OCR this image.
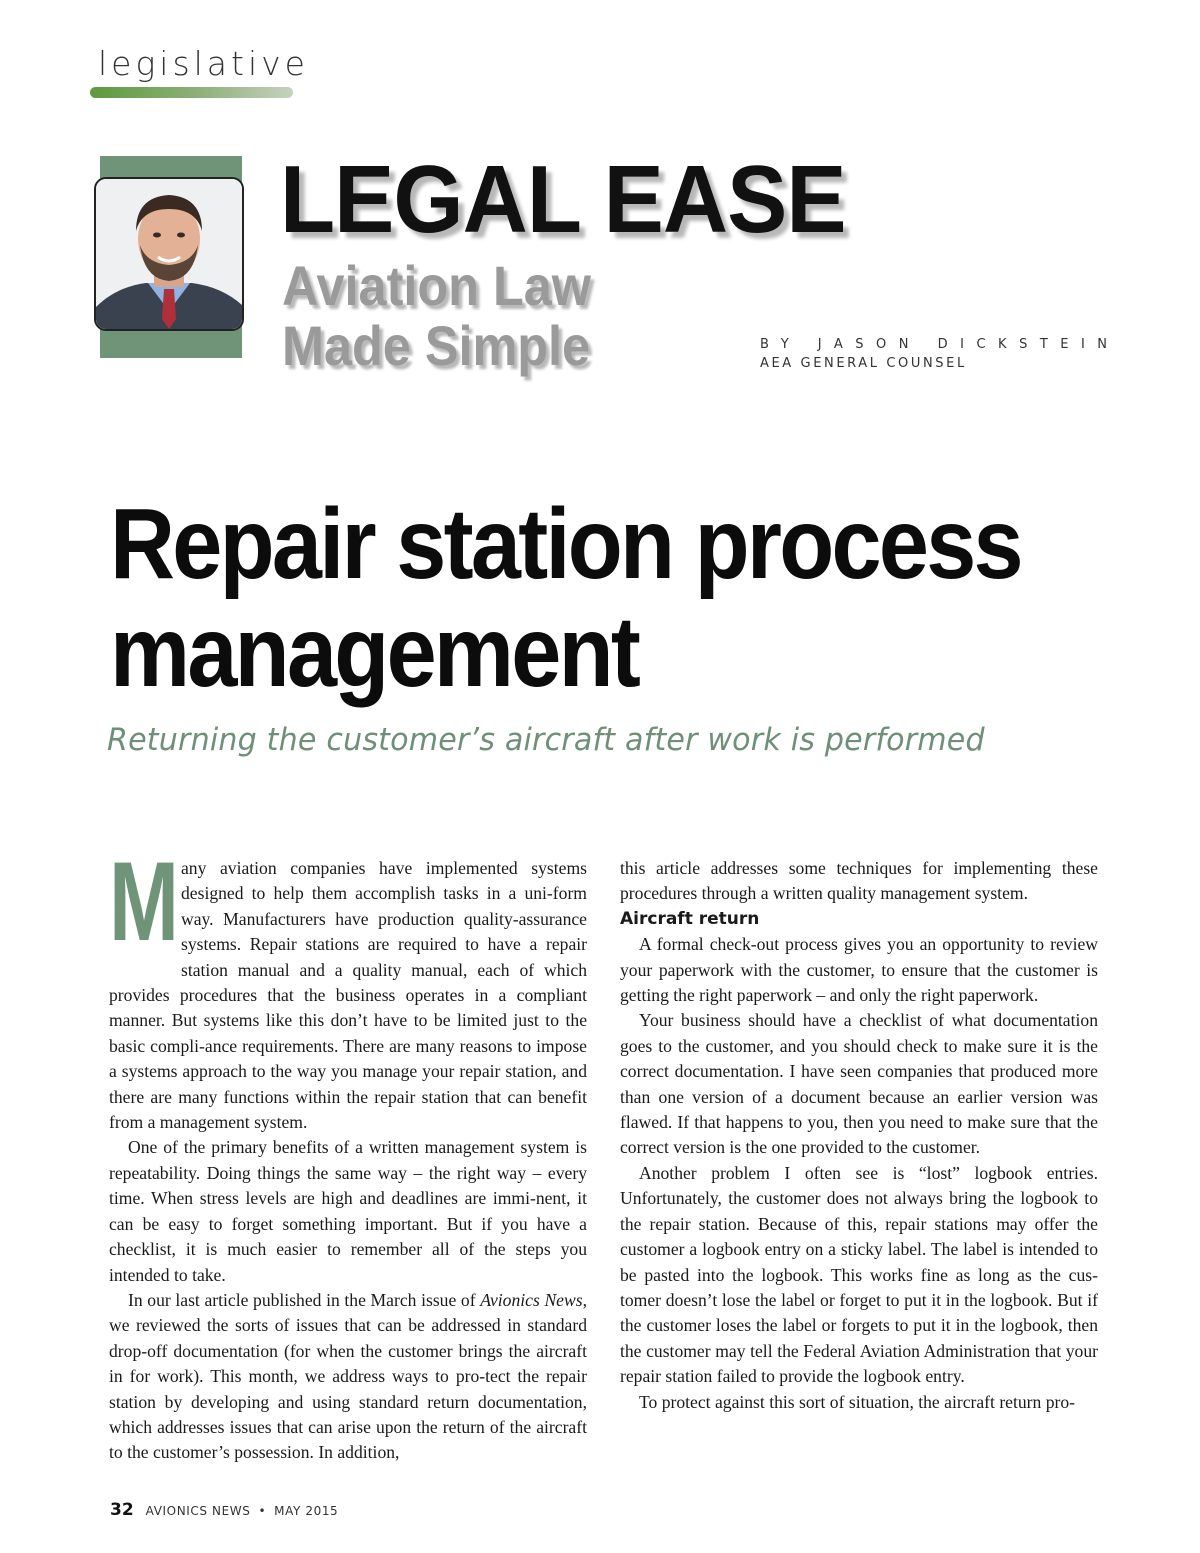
legislative
LEGAL EASE
Aviation Law
Made Simple	BY JASON DICKSTEIN
AEA GENERAL COUNSEL
Repair station process
management
Returning the customer’s aircraft after work is performed

Many aviation companies have implemented systems designed to help them accomplish tasks in a uni-form way. Manufacturers have production quality-assurance systems. Repair stations are required to have a repair station manual and a quality manual, each of which provides procedures that the business operates in a compliant manner. But systems like this don’t have to be limited just to the basic compli-ance requirements. There are many reasons to impose a systems approach to the way you manage your repair station, and there are many functions within the repair station that can benefit from a management system.

One of the primary benefits of a written management system is repeatability. Doing things the same way – the right way – every time. When stress levels are high and deadlines are immi-nent, it can be easy to forget something important. But if you have a checklist, it is much easier to remember all of the steps you intended to take.

In our last article published in the March issue of Avionics News, we reviewed the sorts of issues that can be addressed in standard drop-off documentation (for when the customer brings the aircraft in for work). This month, we address ways to pro-tect the repair station by developing and using standard return documentation, which addresses issues that can arise upon the return of the aircraft to the customer’s possession. In addition,

this article addresses some techniques for implementing these procedures through a written quality management system.

Aircraft return

A formal check-out process gives you an opportunity to review your paperwork with the customer, to ensure that the customer is getting the right paperwork – and only the right paperwork.

Your business should have a checklist of what documentation goes to the customer, and you should check to make sure it is the correct documentation. I have seen companies that produced more than one version of a document because an earlier version was flawed. If that happens to you, then you need to make sure that the correct version is the one provided to the customer.

Another problem I often see is “lost” logbook entries. Unfortunately, the customer does not always bring the logbook to the repair station. Because of this, repair stations may offer the customer a logbook entry on a sticky label. The label is intended to be pasted into the logbook. This works fine as long as the cus-tomer doesn’t lose the label or forget to put it in the logbook. But if the customer loses the label or forgets to put it in the logbook, then the customer may tell the Federal Aviation Administration that your repair station failed to provide the logbook entry.

To protect against this sort of situation, the aircraft return pro-

32 AVIONICS NEWS • MAY 2015
